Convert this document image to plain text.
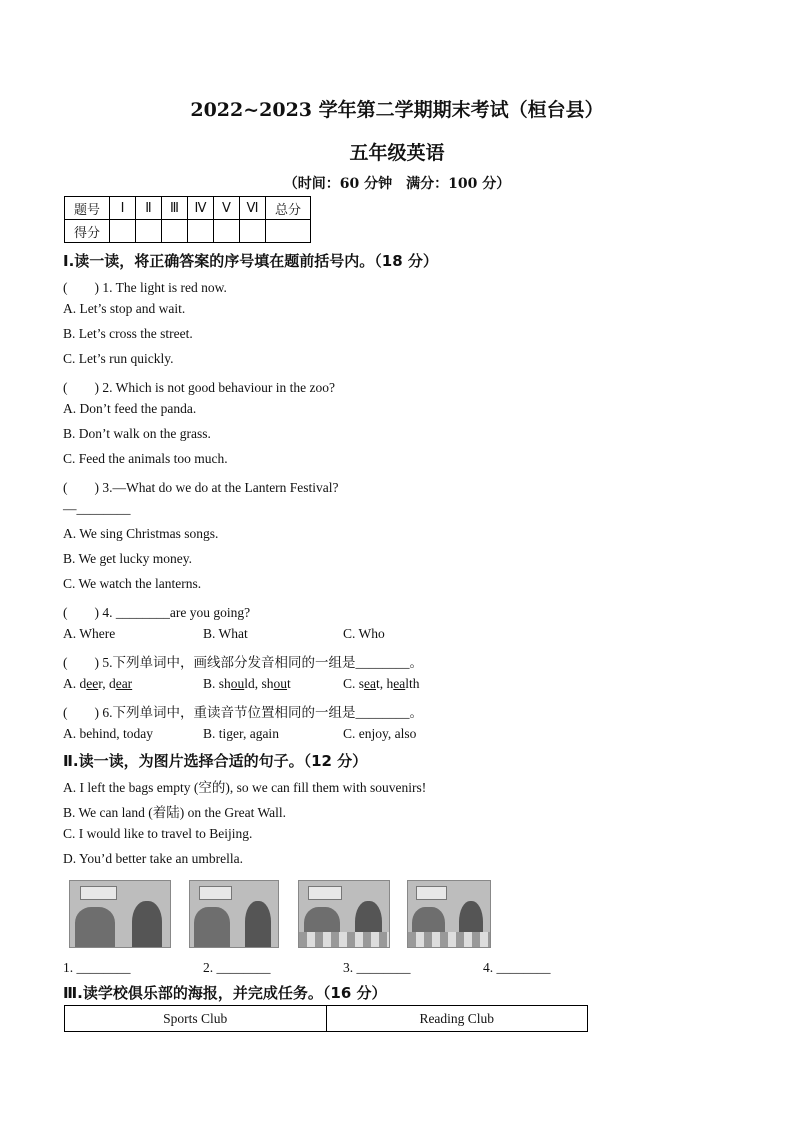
2022~2023 学年第二学期期末考试（桓台县）
五年级英语
（时间：60 分钟　满分：100 分）
题号	Ⅰ	Ⅱ	Ⅲ	Ⅳ	Ⅴ	Ⅵ	总分
得分							
Ⅰ.读一读，将正确答案的序号填在题前括号内。（18 分）
(　　) 1. The light is red now.
A. Let’s stop and wait.
B. Let’s cross the street.
C. Let’s run quickly.
(　　) 2. Which is not good behaviour in the zoo?
A. Don’t feed the panda.
B. Don’t walk on the grass.
C. Feed the animals too much.
(　　) 3.—What do we do at the Lantern Festival?
—________
A. We sing Christmas songs.
B. We get lucky money.
C. We watch the lanterns.
(　　) 4. ________are you going?
A. Where	B. What	C. Who
(　　) 5.下列单词中，画线部分发音相同的一组是________。
A. deer, dear	B. should, shout	C. seat, health
(　　) 6.下列单词中，重读音节位置相同的一组是________。
A. behind, today	B. tiger, again	C. enjoy, also
Ⅱ.读一读，为图片选择合适的句子。（12 分）
A. I left the bags empty (空的), so we can fill them with souvenirs!
B. We can land (着陆) on the Great Wall.
C. I would like to travel to Beijing.
D. You’d better take an umbrella.
1. ________	2. ________	3. ________	4. ________
Ⅲ.读学校俱乐部的海报，并完成任务。（16 分）
Sports Club	Reading Club
